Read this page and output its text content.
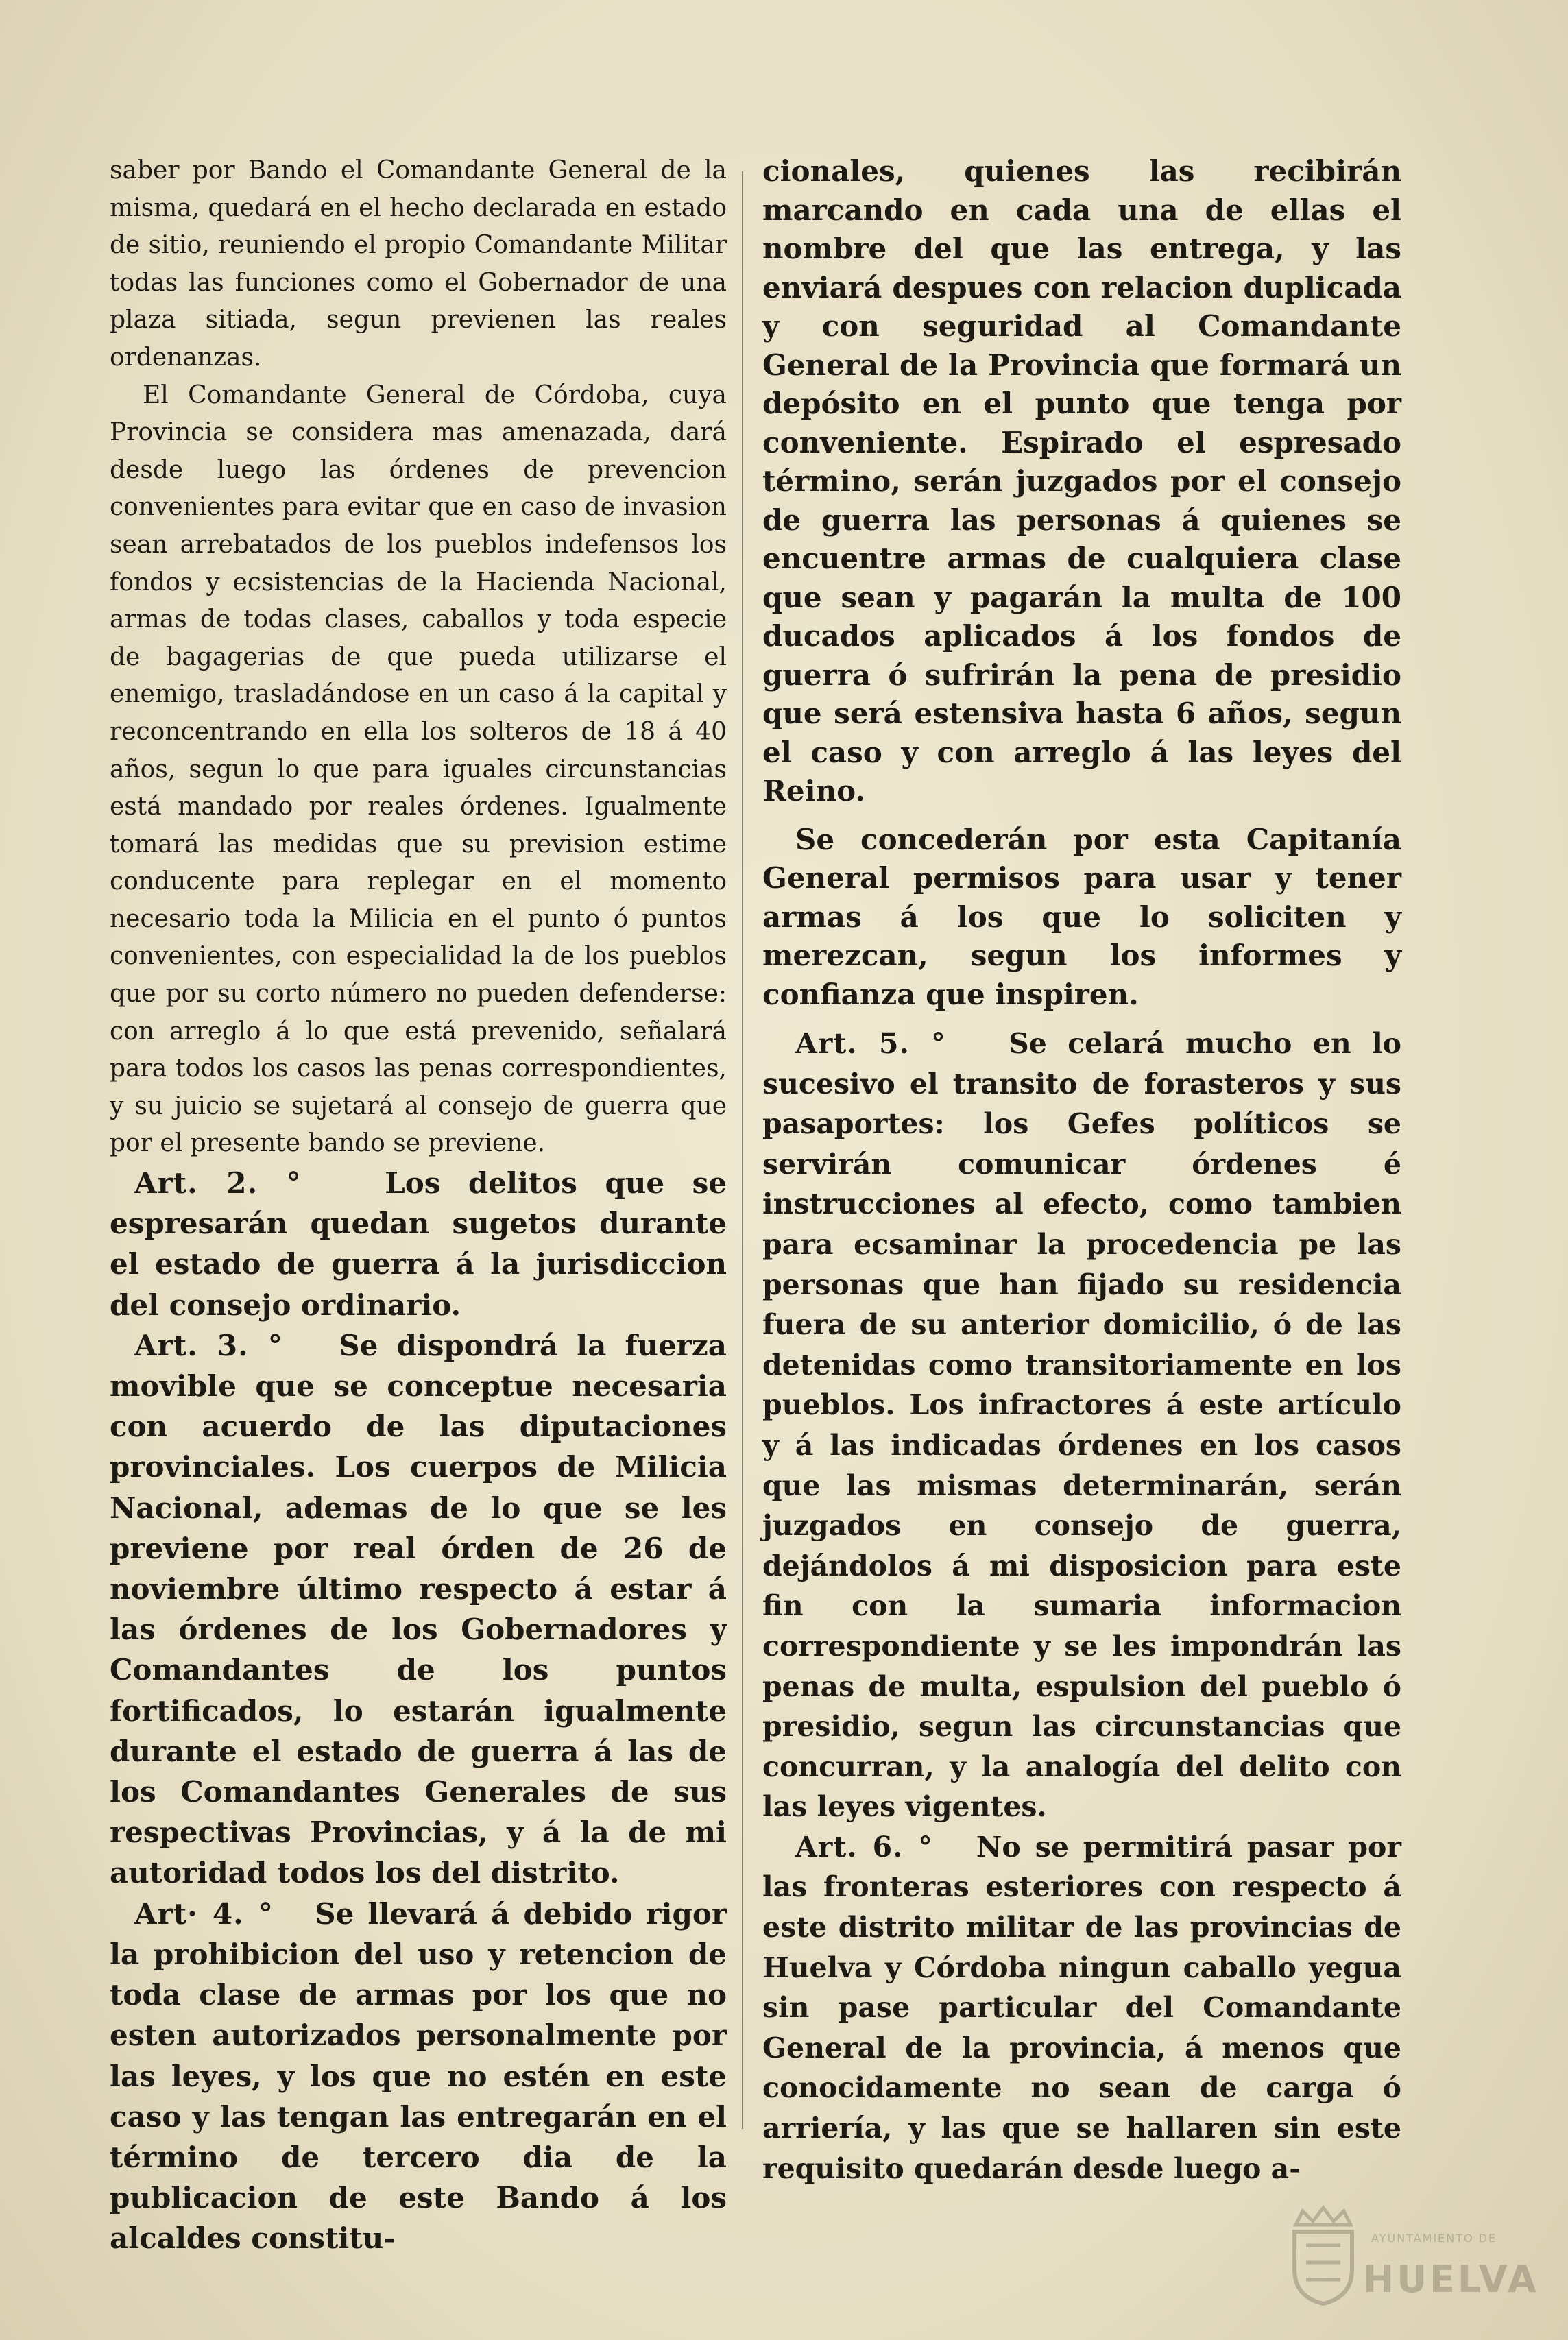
saber por Bando el Comandante General de la misma, quedará en el hecho declarada en estado de sitio, reuniendo el propio Comandante Militar todas las funciones como el Gobernador de una plaza sitiada, segun previenen las reales ordenanzas.

El Comandante General de Córdoba, cuya Provincia se considera mas amenazada, dará desde luego las órdenes de prevencion convenientes para evitar que en caso de invasion sean arrebatados de los pueblos indefensos los fondos y ecsistencias de la Hacienda Nacional, armas de todas clases, caballos y toda especie de bagagerias de que pueda utilizarse el enemigo, trasladándose en un caso á la capital y reconcentrando en ella los solteros de 18 á 40 años, segun lo que para iguales circunstancias está mandado por reales órdenes. Igualmente tomará las medidas que su prevision estime conducente para replegar en el momento necesario toda la Milicia en el punto ó puntos convenientes, con especialidad la de los pueblos que por su corto número no pueden defenderse: con arreglo á lo que está prevenido, señalará para todos los casos las penas correspondientes, y su juicio se sujetará al consejo de guerra que por el presente bando se previene.

Art. 2. °	Los delitos que se espresarán quedan sugetos durante el estado de guerra á la jurisdiccion del consejo ordinario.

Art. 3. ° Se dispondrá la fuerza movible que se conceptue necesaria con acuerdo de las diputaciones provinciales. Los cuerpos de Milicia Nacional, ademas de lo que se les previene por real órden de 26 de noviembre último respecto á estar á las órdenes de los Gobernadores y Comandantes de los puntos fortificados, lo estarán igualmente durante el estado de guerra á las de los Comandantes Generales de sus respectivas Provincias, y á la de mi autoridad todos los del distrito.

Art· 4. ° Se llevará á debido rigor la prohibicion del uso y retencion de toda clase de armas por los que no esten autorizados personalmente por las leyes, y los que no estén en este caso y las tengan las entregarán en el término de tercero dia de la publicacion de este Bando á los alcaldes constitu-

cionales, quienes las recibirán marcando en cada una de ellas el nombre del que las entrega, y las enviará despues con relacion duplicada y con seguridad al Comandante General de la Provincia que formará un depósito en el punto que tenga por conveniente. Espirado el espresado término, serán juzgados por el consejo de guerra las personas á quienes se encuentre armas de cualquiera clase que sean y pagarán la multa de 100 ducados aplicados á los fondos de guerra ó sufrirán la pena de presidio que será estensiva hasta 6 años, segun el caso y con arreglo á las leyes del Reino.

Se concederán por esta Capitanía General permisos para usar y tener armas á los que lo soliciten y merezcan, segun los informes y confianza que inspiren.

Art. 5. ° Se celará mucho en lo sucesivo el transito de forasteros y sus pasaportes: los Gefes políticos se servirán comunicar órdenes é instrucciones al efecto, como tambien para ecsaminar la procedencia pe las personas que han fijado su residencia fuera de su anterior domicilio, ó de las detenidas como transitoriamente en los pueblos. Los infractores á este artículo y á las indicadas órdenes en los casos que las mismas determinarán, serán juzgados en consejo de guerra, dejándolos á mi disposicion para este fin con la sumaria informacion correspondiente y se les impondrán las penas de multa, espulsion del pueblo ó presidio, segun las circunstancias que concurran, y la analogía del delito con las leyes vigentes.

Art. 6. ° No se permitirá pasar por las fronteras esteriores con respecto á este distrito militar de las provincias de Huelva y Córdoba ningun caballo yegua sin pase particular del Comandante General de la provincia, á menos que conocidamente no sean de carga ó arriería, y las que se hallaren sin este requisito quedarán desde luego a-

AYUNTAMIENTO DE
HUELVA
